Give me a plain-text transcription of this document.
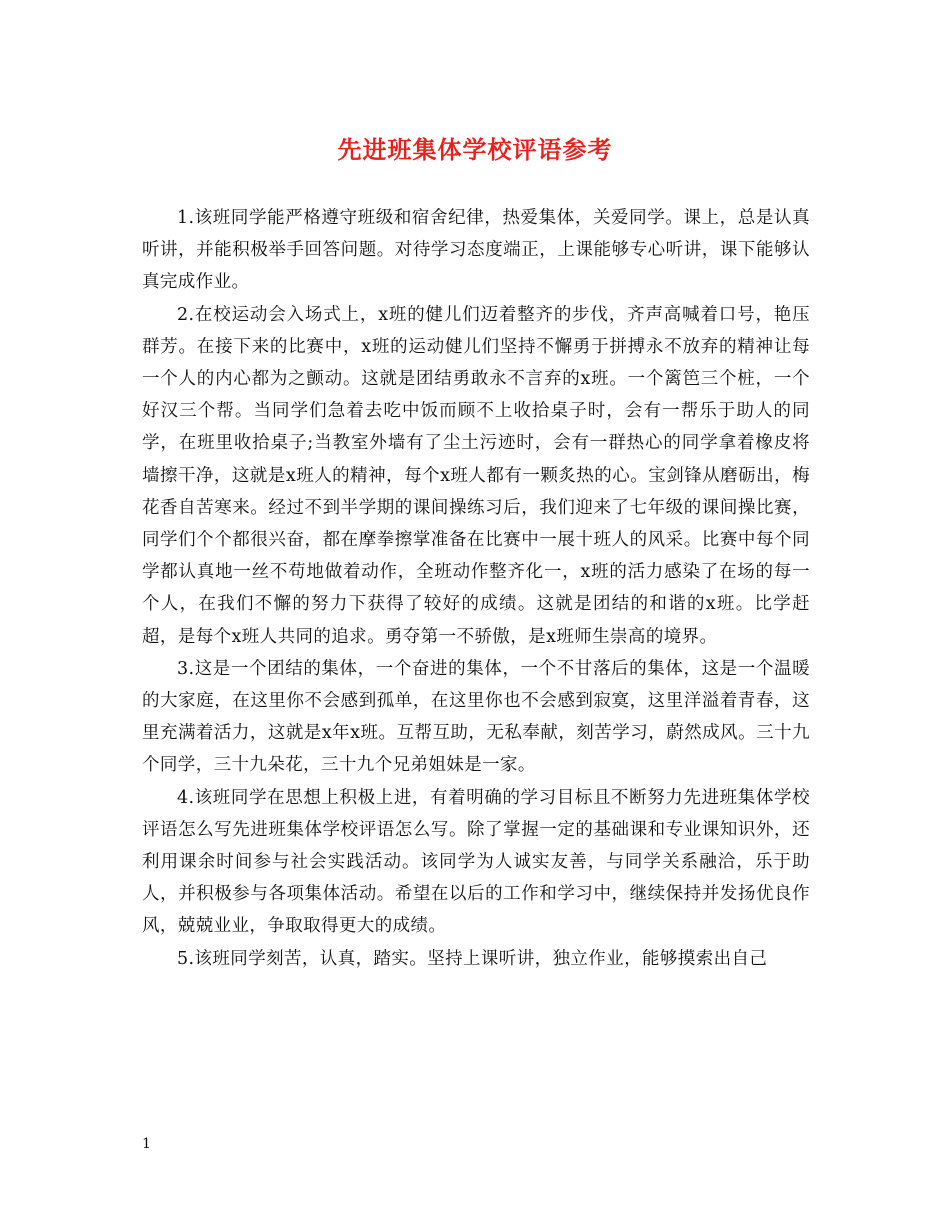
先进班集体学校评语参考

1.该班同学能严格遵守班级和宿舍纪律，热爱集体，关爱同学。课上，总是认真听讲，并能积极举手回答问题。对待学习态度端正，上课能够专心听讲，课下能够认真完成作业。

2.在校运动会入场式上，x班的健儿们迈着整齐的步伐，齐声高喊着口号，艳压群芳。在接下来的比赛中，x班的运动健儿们坚持不懈勇于拼搏永不放弃的精神让每一个人的内心都为之颤动。这就是团结勇敢永不言弃的x班。一个篱笆三个桩，一个好汉三个帮。当同学们急着去吃中饭而顾不上收拾桌子时，会有一帮乐于助人的同学，在班里收拾桌子;当教室外墙有了尘土污迹时，会有一群热心的同学拿着橡皮将墙擦干净，这就是x班人的精神，每个x班人都有一颗炙热的心。宝剑锋从磨砺出，梅花香自苦寒来。经过不到半学期的课间操练习后，我们迎来了七年级的课间操比赛，同学们个个都很兴奋，都在摩拳擦掌准备在比赛中一展十班人的风采。比赛中每个同学都认真地一丝不苟地做着动作，全班动作整齐化一，x班的活力感染了在场的每一个人，在我们不懈的努力下获得了较好的成绩。这就是团结的和谐的x班。比学赶超，是每个x班人共同的追求。勇夺第一不骄傲，是x班师生崇高的境界。

3.这是一个团结的集体，一个奋进的集体，一个不甘落后的集体，这是一个温暖的大家庭，在这里你不会感到孤单，在这里你也不会感到寂寞，这里洋溢着青春，这里充满着活力，这就是x年x班。互帮互助，无私奉献，刻苦学习，蔚然成风。三十九个同学，三十九朵花，三十九个兄弟姐妹是一家。

4.该班同学在思想上积极上进，有着明确的学习目标且不断努力先进班集体学校评语怎么写先进班集体学校评语怎么写。除了掌握一定的基础课和专业课知识外，还利用课余时间参与社会实践活动。该同学为人诚实友善，与同学关系融洽，乐于助人，并积极参与各项集体活动。希望在以后的工作和学习中，继续保持并发扬优良作风，兢兢业业，争取取得更大的成绩。

5.该班同学刻苦，认真，踏实。坚持上课听讲，独立作业，能够摸索出自己

1
